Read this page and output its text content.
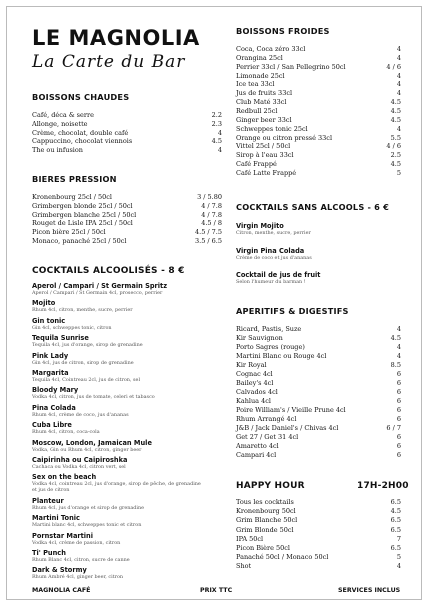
LE MAGNOLIA
La Carte du Bar
BOISSONS CHAUDES
Café, déca & serre	2.2
Allonge, noisette	2.3
Crème, chocolat, double café	4
Cappuccino, chocolat viennois	4.5
The ou infusion	4
BIERES PRESSION
Kronenbourg 25cl / 50cl	3 / 5.80
Grimbergen blonde 25cl / 50cl	4 / 7.8
Grimbergen blanche 25cl / 50cl	4 / 7.8
Rouget de Lisle IPA 25cl / 50cl	4.5 / 8
Picon bière 25cl / 50cl	4.5 / 7.5
Monaco, panaché 25cl / 50cl	3.5 / 6.5
COCKTAILS ALCOOLISÉS - 8 €
Aperol / Campari / St Germain Spritz
Aperol / Campari / St Germain 4cl, prosecco, perrier
Mojito
Rhum 4cl, citron, menthe, sucre, perrier
Gin tonic
Gin 4cl, schweppes tonic, citron
Tequila Sunrise
Tequila 4cl, jus d'orange, sirop de grenadine
Pink Lady
Gin 4cl, jus de citron, sirop de grenadine
Margarita
Tequila 4cl, Cointreau 2cl, jus de citron, sel
Bloody Mary
Vodka 4cl, citron, jus de tomate, celeri et tabasco
Pina Colada
Rhum 4cl, crème de coco, jus d'ananas
Cuba Libre
Rhum 4cl, citron, coca-cola
Moscow, London, Jamaican Mule
Vodka, Gin ou Rhum 4cl, citron, ginger beer
Caipirinha ou Caipiroshka
Cachaca ou Vodka 4cl, citron vert, sel
Sex on the beach
Vodka 4cl, cointreau 2cl, jus d'orange, sirop de pêche, de grenadine et jus de citron
Planteur
Rhum 4cl, jus d'orange et sirop de grenadine
Martini Tonic
Martini blanc 4cl, schweppes tonic et citron
Pornstar Martini
Vodka 4cl, crème de passion, citron
Ti' Punch
Rhum Blanc 4cl, citron, sucre de canne
Dark & Stormy
Rhum Ambré 4cl, ginger beer, citron
BOISSONS FROIDES
Coca, Coca zéro 33cl	4
Orangina 25cl	4
Perrier 33cl / San Pellegrino 50cl	4 / 6
Limonade 25cl	4
Ice tea 33cl	4
Jus de fruits 33cl	4
Club Maté 33cl	4.5
Redbull 25cl	4.5
Ginger beer 33cl	4.5
Schweppes tonic 25cl	4
Orange ou citron pressé 33cl	5.5
Vittel 25cl / 50cl	4 / 6
Sirop à l'eau 33cl	2.5
Café Frappé	4.5
Café Latte Frappé	5
COCKTAILS SANS ALCOOLS - 6 €
Virgin Mojito
Citron, menthe, sucre, perrier
Virgin Pina Colada
Crème de coco et jus d'ananas
Cocktail de jus de fruit
Selon l'humeur du barman !
APERITIFS & DIGESTIFS
Ricard, Pastis, Suze	4
Kir Sauvignon	4.5
Porto Sagres (rouge)	4
Martini Blanc ou Rouge 4cl	4
Kir Royal	8.5
Cognac 4cl	6
Bailey's 4cl	6
Calvados 4cl	6
Kahlua 4cl	6
Poire William's / Vieille Prune 4cl	6
Rhum Arrangé 4cl	6
J&B / Jack Daniel's / Chivas 4cl	6 / 7
Get 27 / Get 31 4cl	6
Amaretto 4cl	6
Campari 4cl	6
HAPPY HOUR	17H-2H00
Tous les cocktails	6.5
Kronenbourg 50cl	4.5
Grim Blanche 50cl	6.5
Grim Blonde 50cl	6.5
IPA 50cl	7
Picon Bière 50cl	6.5
Panaché 50cl / Monaco 50cl	5
Shot	4
MAGNOLIA CAFÉ	PRIX TTC	SERVICES INCLUS
